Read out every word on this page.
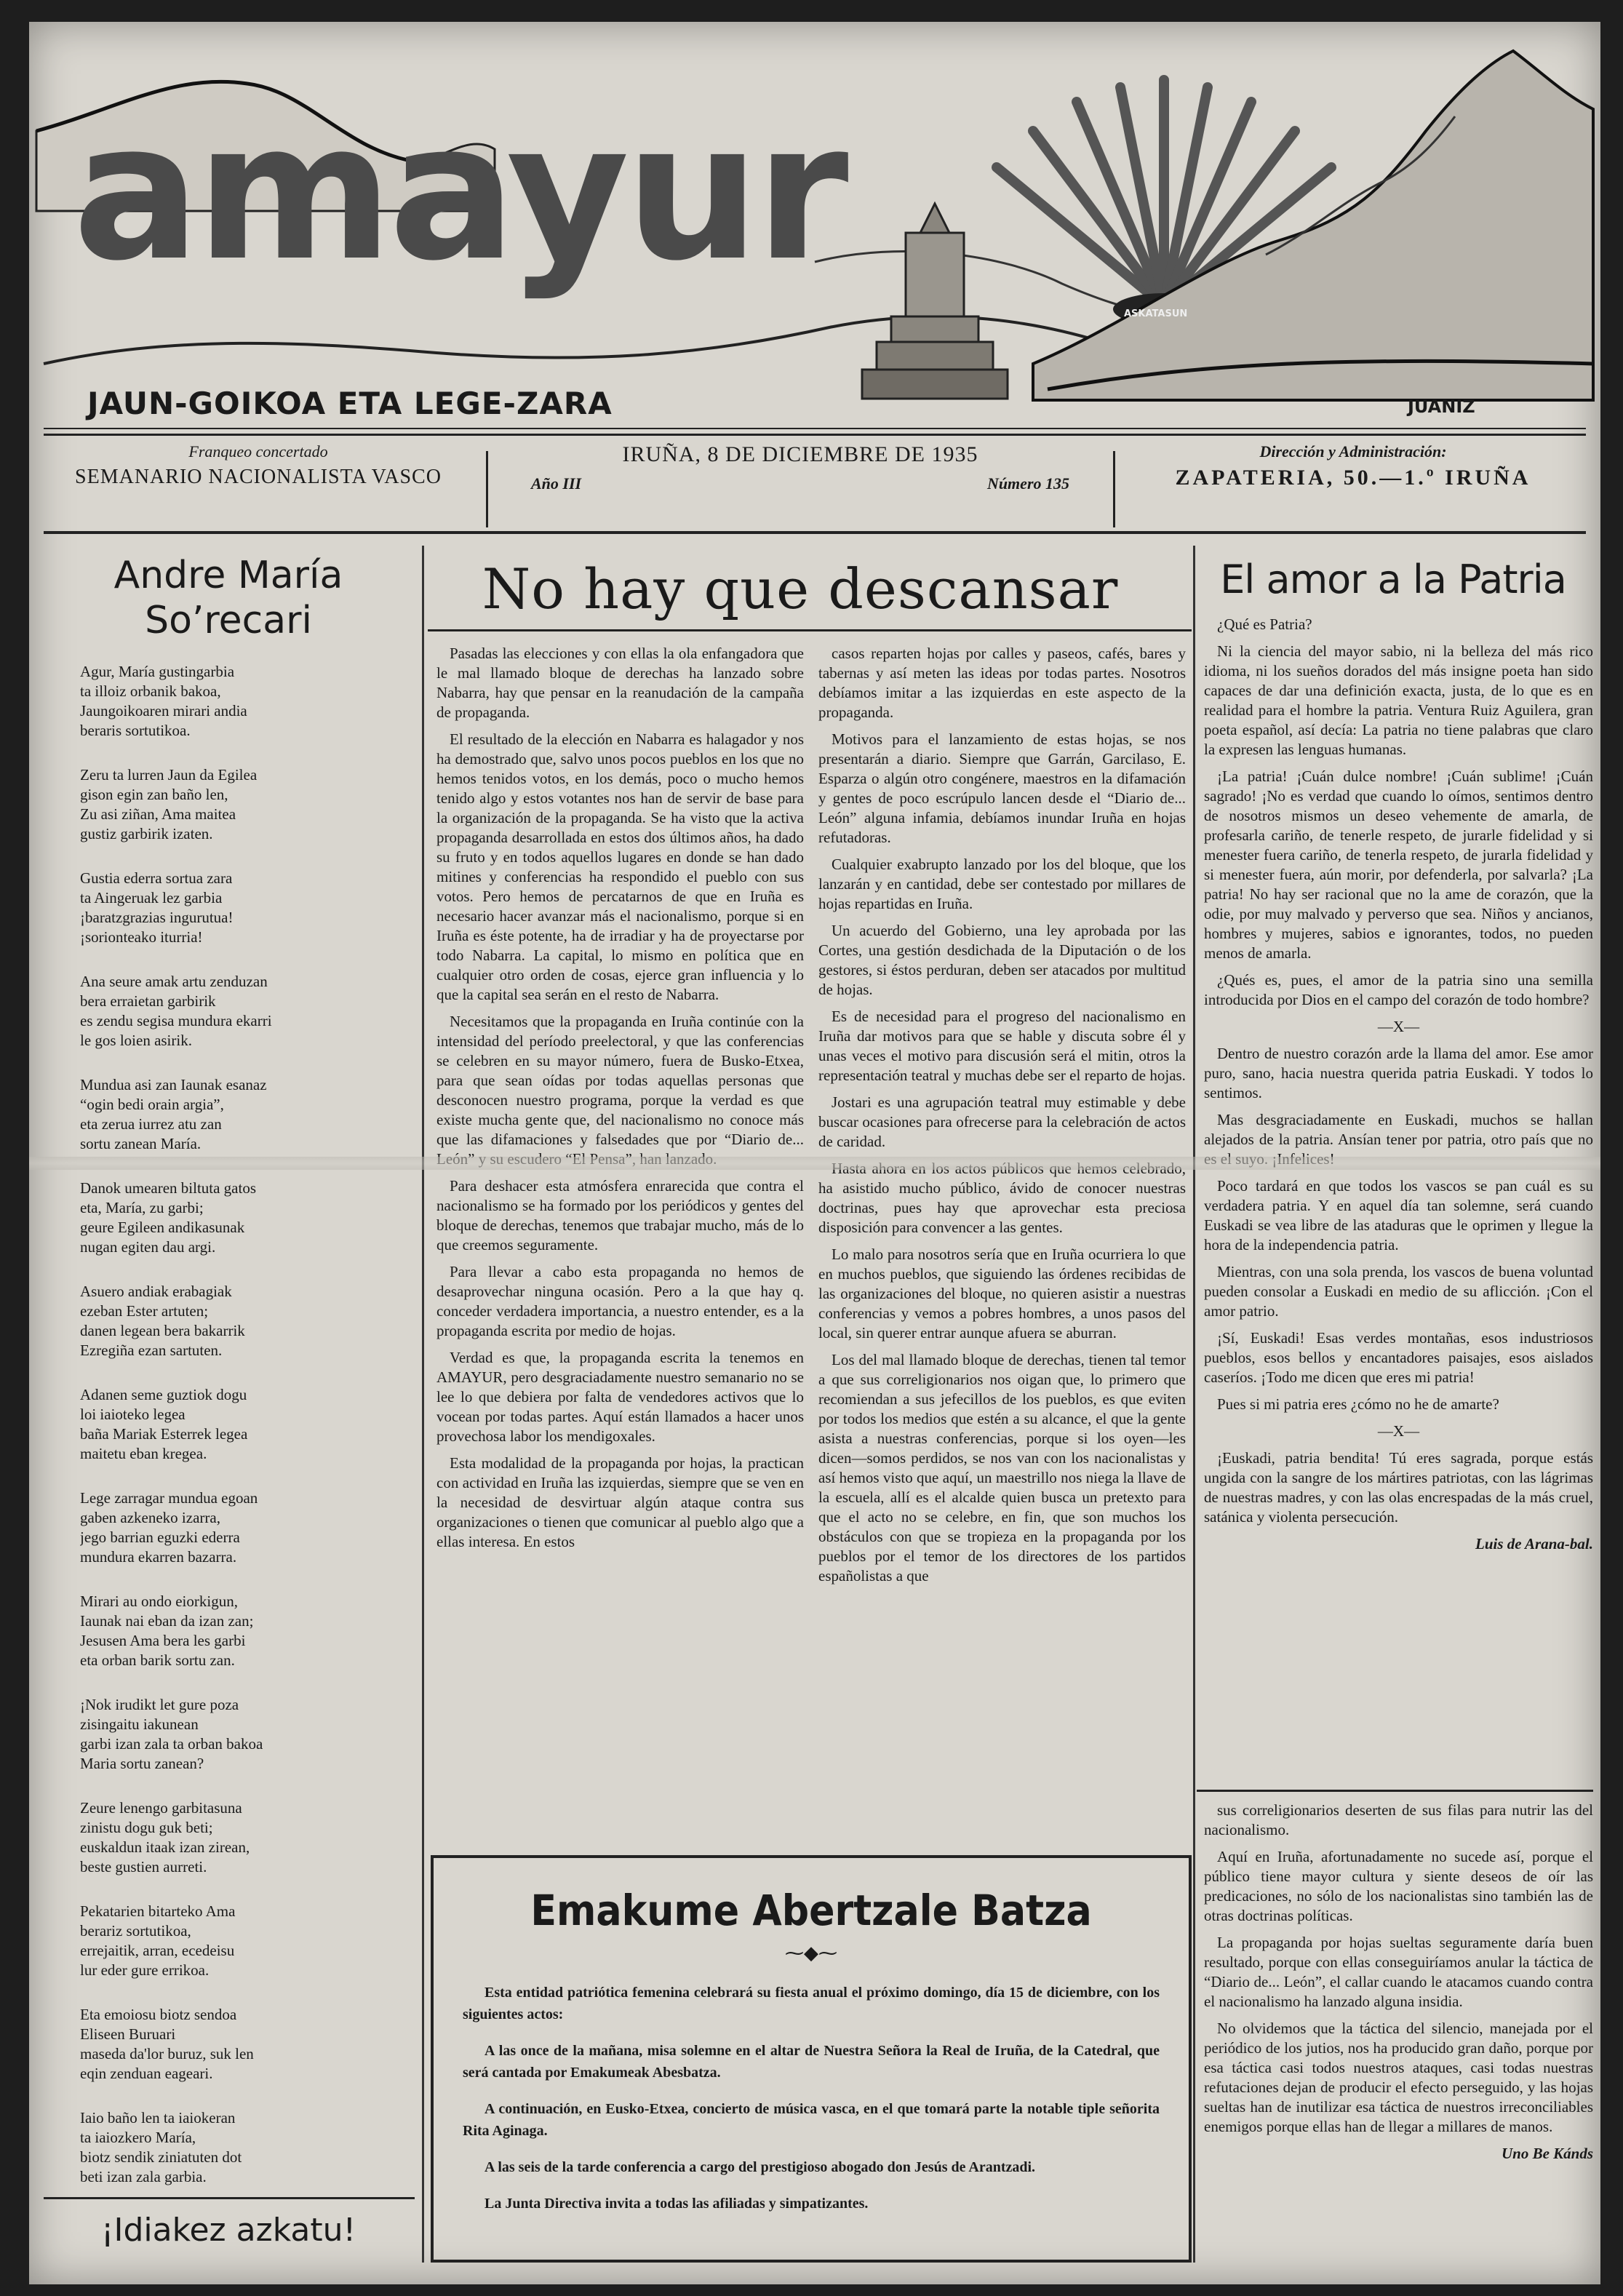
amayur
JAUN-GOIKOA ETA LEGE-ZARA	JUANIZ
ASKATASUN
Franqueo concertado
SEMANARIO NACIONALISTA VASCO
IRUÑA, 8 DE DICIEMBRE DE 1935
Año III	Número 135
Dirección y Administración:
ZAPATERIA, 50.—1.º IRUÑA
Andre María Soʼrecari

Agur, María gustingarbia
ta illoiz orbanik bakoa,
Jaungoikoaren mirari andia
beraris sortutikoa.

Zeru ta lurren Jaun da Egilea
gison egin zan baño len,
Zu asi ziñan, Ama maitea
gustiz garbirik izaten.

Gustia ederra sortua zara
ta Aingeruak lez garbia
¡baratzgrazias ingurutua!
¡sorionteako iturria!

Ana seure amak artu zenduzan
bera erraietan garbirik
es zendu segisa mundura ekarri
le gos loien asirik.

Mundua asi zan Iaunak esanaz
“ogin bedi orain argia”,
eta zerua iurrez atu zan
sortu zanean María.

Danok umearen biltuta gatos
eta, María, zu garbi;
geure Egileen andikasunak
nugan egiten dau argi.

Asuero andiak erabagiak
ezeban Ester artuten;
danen legean bera bakarrik
Ezregiña ezan sartuten.

Adanen seme guztiok dogu
loi iaioteko legea
baña Mariak Esterrek legea
maitetu eban kregea.

Lege zarragar mundua egoan
gaben azkeneko izarra,
jego barrian eguzki ederra
mundura ekarren bazarra.

Mirari au ondo eiorkigun,
Iaunak nai eban da izan zan;
Jesusen Ama bera les garbi
eta orban barik sortu zan.

¡Nok irudikt let gure poza
zisingaitu iakunean
garbi izan zala ta orban bakoa
Maria sortu zanean?

Zeure lenengo garbitasuna
zinistu dogu guk beti;
euskaldun itaak izan zirean,
beste gustien aurreti.

Pekatarien bitarteko Ama
berariz sortutikoa,
errejaitik, arran, ecedeisu
lur eder gure errikoa.

Eta emoiosu biotz sendoa
Eliseen Buruari
maseda da'lor buruz, suk len
eqin zenduan eageari.

Iaio baño len ta iaiokeran
ta iaiozkero María,
biotz sendik ziniatuten dot
beti izan zala garbia.

¡Idiakez azkatu!
No hay que descansar

Pasadas las elecciones y con ellas la ola enfangadora que le mal llamado bloque de derechas ha lanzado sobre Nabarra, hay que pensar en la reanudación de la campaña de propaganda.

El resultado de la elección en Nabarra es halagador y nos ha demostrado que, salvo unos pocos pueblos en los que no hemos tenidos votos, en los demás, poco o mucho hemos tenido algo y estos votantes nos han de servir de base para la organización de la propaganda. Se ha visto que la activa propaganda desarrollada en estos dos últimos años, ha dado su fruto y en todos aquellos lugares en donde se han dado mitines y conferencias ha respondido el pueblo con sus votos. Pero hemos de percatarnos de que en Iruña es necesario hacer avanzar más el nacionalismo, porque si en Iruña es éste potente, ha de irradiar y ha de proyectarse por todo Nabarra. La capital, lo mismo en política que en cualquier otro orden de cosas, ejerce gran influencia y lo que la capital sea serán en el resto de Nabarra.

Necesitamos que la propaganda en Iruña continúe con la intensidad del período preelectoral, y que las conferencias se celebren en su mayor número, fuera de Busko-Etxea, para que sean oídas por todas aquellas personas que desconocen nuestro programa, porque la verdad es que existe mucha gente que, del nacionalismo no conoce más que las difamaciones y falsedades que por “Diario de...

Para deshacer esta atmósfera enrarecida que contra el nacionalismo se ha formado por los periódicos y gentes del bloque de derechas, tenemos que trabajar mucho, más de lo que creemos seguramente.

Para llevar a cabo esta propaganda no hemos de desaprovechar ninguna ocasión. Pero a la que hay q. conceder verdadera importancia, a nuestro entender, es a la propaganda escrita por medio de hojas.

Verdad es que, la propaganda escrita la tenemos en AMAYUR, pero desgraciadamente nuestro semanario no se lee lo que debiera por falta de vendedores activos que lo vocean por todas partes. Aquí están llamados a hacer unos provechosa labor los mendigoxales.

Esta modalidad de la propaganda por hojas, la practican con actividad en Iruña las izquierdas, siempre que se ven en la necesidad de desvirtuar algún ataque contra sus organizaciones o tienen que comunicar al pueblo algo que a ellas interesa. En estos

casos reparten hojas por calles y paseos, cafés, bares y tabernas y así meten las ideas por todas partes. Nosotros debíamos imitar a las izquierdas en este aspecto de la propaganda.

Motivos para el lanzamiento de estas hojas, se nos presentarán a diario. Siempre que Garrán, Garcilaso, E. Esparza o algún otro congénere, maestros en la difamación y gentes de poco escrúpulo lancen desde el “Diario de... León” alguna infamia, debíamos inundar Iruña en hojas refutadoras.

Cualquier exabrupto lanzado por los del bloque, que los lanzarán y en cantidad, debe ser contestado por millares de hojas repartidas en Iruña.

Un acuerdo del Gobierno, una ley aprobada por las Cortes, una gestión desdichada de la Diputación o de los gestores, si éstos perduran, deben ser atacados por multitud de hojas.

Es de necesidad para el progreso del nacionalismo en Iruña dar motivos para que se hable y discuta sobre él y unas veces el motivo para discusión será el mitin, otros la representación teatral y muchas debe ser el reparto de hojas.

Jostari es una agrupación teatral muy estimable y debe buscar ocasiones para ofrecerse para la celebración de actos de caridad.

ha asistido mucho público, ávido de conocer nuestras doctrinas, pues hay que aprovechar esta preciosa disposición para convencer a las gentes.

Lo malo para nosotros sería que en Iruña ocurriera lo que en muchos pueblos, que siguiendo las órdenes recibidas de las organizaciones del bloque, no quieren asistir a nuestras conferencias y vemos a pobres hombres, a unos pasos del local, sin querer entrar aunque afuera se aburran.

Los del mal llamado bloque de derechas, tienen tal temor a que sus correligionarios nos oigan que, lo primero que recomiendan a sus jefecillos de los pueblos, es que eviten por todos los medios que estén a su alcance, el que la gente asista a nuestras conferencias, porque si los oyen—les dicen—somos perdidos, se nos van con los nacionalistas y así hemos visto que aquí, un maestrillo nos niega la llave de la escuela, allí es el alcalde quien busca un pretexto para que el acto no se celebre, en fin, que son muchos los obstáculos con que se tropieza en la propaganda por los pueblos por el temor de los directores de los partidos españolistas a que

Emakume Abertzale Batza
⁓◆⁓

Esta entidad patriótica femenina celebrará su fiesta anual el próximo domingo, día 15 de diciembre, con los siguientes actos:

A las once de la mañana, misa solemne en el altar de Nuestra Señora la Real de Iruña, de la Catedral, que será cantada por Emakumeak Abesbatza.

A continuación, en Eusko-Etxea, concierto de música vasca, en el que tomará parte la notable tiple señorita Rita Aginaga.

A las seis de la tarde conferencia a cargo del prestigioso abogado don Jesús de Arantzadi.

La Junta Directiva invita a todas las afiliadas y simpatizantes.

El amor a la Patria

¿Qué es Patria?

Ni la ciencia del mayor sabio, ni la belleza del más rico idioma, ni los sueños dorados del más insigne poeta han sido capaces de dar una definición exacta, justa, de lo que es en realidad para el hombre la patria. Ventura Ruiz Aguilera, gran poeta español, así decía: La patria no tiene palabras que claro la expresen las lenguas humanas.

¡La patria! ¡Cuán dulce nombre! ¡Cuán sublime! ¡Cuán sagrado! ¡No es verdad que cuando lo oímos, sentimos dentro de nosotros mismos un deseo vehemente de amarla, de profesarla cariño, de tenerle respeto, de jurarle fidelidad y si menester fuera cariño, de tenerla respeto, de jurarla fidelidad y si menester fuera, aún morir, por defenderla, por salvarla? ¡La patria! No hay ser racional que no la ame de corazón, que la odie, por muy malvado y perverso que sea. Niños y ancianos, hombres y mujeres, sabios e ignorantes, todos, no pueden menos de amarla.

¿Qués es, pues, el amor de la patria sino una semilla introducida por Dios en el campo del corazón de todo hombre?

—X—

Dentro de nuestro corazón arde la llama del amor. Ese amor puro, sano, hacia nuestra querida patria Euskadi. Y todos lo sentimos.

Mas desgraciadamente en Euskadi, muchos se hallan alejados de la patria. Ansían tener por patria, otro país que no

Poco tardará en que todos los vascos se pan cuál es su verdadera patria. Y en aquel día tan solemne, será cuando Euskadi se vea libre de las ataduras que le oprimen y llegue la hora de la independencia patria.

Mientras, con una sola prenda, los vascos de buena voluntad pueden consolar a Euskadi en medio de su aflicción. ¡Con el amor patrio.

¡Sí, Euskadi! Esas verdes montañas, esos industriosos pueblos, esos bellos y encantadores paisajes, esos aislados caseríos. ¡Todo me dicen que eres mi patria!

Pues si mi patria eres ¿cómo no he de amarte?

—X—

¡Euskadi, patria bendita! Tú eres sagrada, porque estás ungida con la sangre de los mártires patriotas, con las lágrimas de nuestras madres, y con las olas encrespadas de la más cruel, satánica y violenta persecución.

Luis de Arana-bal.

sus correligionarios deserten de sus filas para nutrir las del nacionalismo.

Aquí en Iruña, afortunadamente no sucede así, porque el público tiene mayor cultura y siente deseos de oír las predicaciones, no sólo de los nacionalistas sino también las de otras doctrinas políticas.

La propaganda por hojas sueltas seguramente daría buen resultado, porque con ellas conseguiríamos anular la táctica de “Diario de... León”, el callar cuando le atacamos cuando contra el nacionalismo ha lanzado alguna insidia.

No olvidemos que la táctica del silencio, manejada por el periódico de los jutios, nos ha producido gran daño, porque por esa táctica casi todos nuestros ataques, casi todas nuestras refutaciones dejan de producir el efecto perseguido, y las hojas sueltas han de inutilizar esa táctica de nuestros irreconciliables enemigos porque ellas han de llegar a millares de manos.

Uno Be Kánds
